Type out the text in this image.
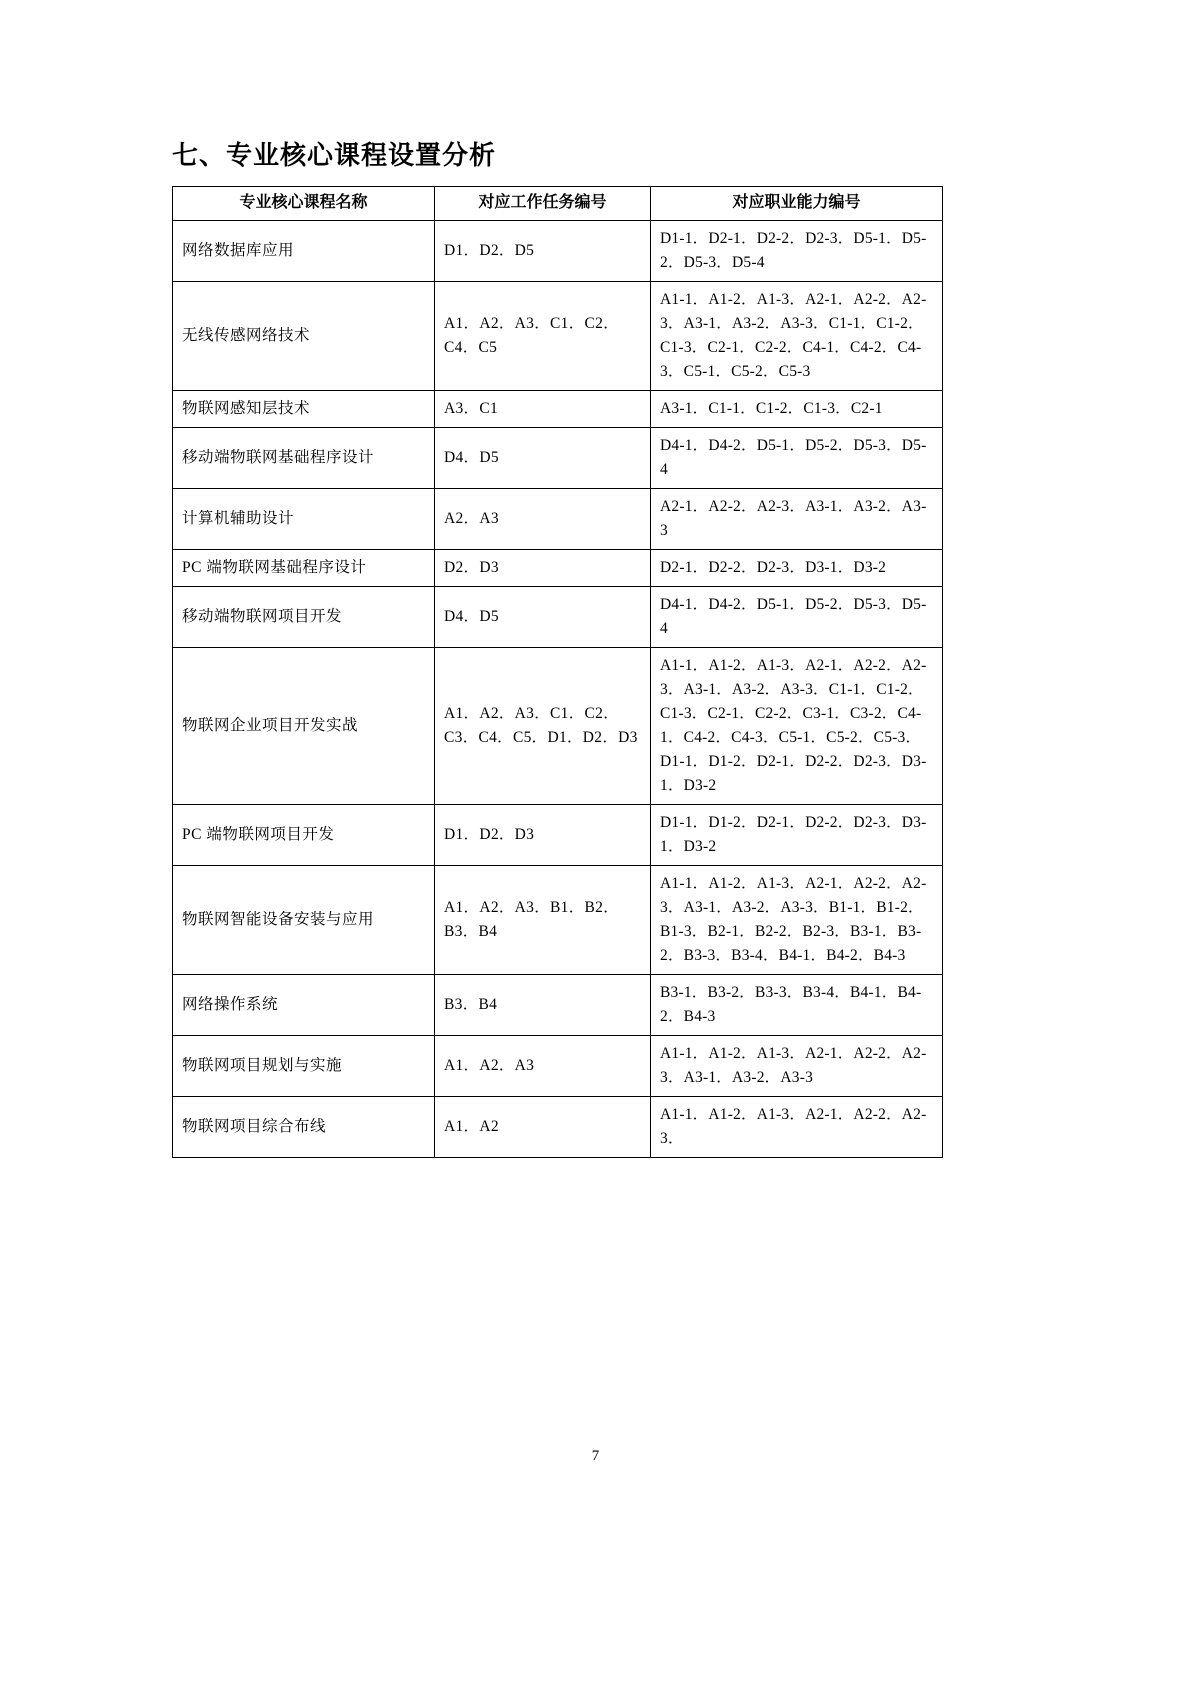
七、专业核心课程设置分析
专业核心课程名称	对应工作任务编号	对应职业能力编号
网络数据库应用	D1．D2．D5	D1-1．D2-1．D2-2．D2-3．D5-1．D5-2．D5-3．D5-4
无线传感网络技术	A1．A2．A3．C1．C2．C4．C5	A1-1．A1-2．A1-3．A2-1．A2-2．A2-3．A3-1．A3-2．A3-3．C1-1．C1-2．C1-3．C2-1．C2-2．C4-1．C4-2．C4-3．C5-1．C5-2．C5-3
物联网感知层技术	A3．C1	A3-1．C1-1．C1-2．C1-3．C2-1
移动端物联网基础程序设计	D4．D5	D4-1．D4-2．D5-1．D5-2．D5-3．D5-4
计算机辅助设计	A2．A3	A2-1．A2-2．A2-3．A3-1．A3-2．A3-3
PC 端物联网基础程序设计	D2．D3	D2-1．D2-2．D2-3．D3-1．D3-2
移动端物联网项目开发	D4．D5	D4-1．D4-2．D5-1．D5-2．D5-3．D5-4
物联网企业项目开发实战	A1．A2．A3．C1．C2．C3．C4．C5．D1．D2．D3	A1-1．A1-2．A1-3．A2-1．A2-2．A2-3．A3-1．A3-2．A3-3．C1-1．C1-2．C1-3．C2-1．C2-2．C3-1．C3-2．C4-1．C4-2．C4-3．C5-1．C5-2．C5-3．D1-1．D1-2．D2-1．D2-2．D2-3．D3-1．D3-2
PC 端物联网项目开发	D1．D2．D3	D1-1．D1-2．D2-1．D2-2．D2-3．D3-1．D3-2
物联网智能设备安装与应用	A1．A2．A3．B1．B2．B3．B4	A1-1．A1-2．A1-3．A2-1．A2-2．A2-3．A3-1．A3-2．A3-3．B1-1．B1-2．B1-3．B2-1．B2-2．B2-3．B3-1．B3-2．B3-3．B3-4．B4-1．B4-2．B4-3
网络操作系统	B3．B4	B3-1．B3-2．B3-3．B3-4．B4-1．B4-2．B4-3
物联网项目规划与实施	A1．A2．A3	A1-1．A1-2．A1-3．A2-1．A2-2．A2-3．A3-1．A3-2．A3-3
物联网项目综合布线	A1．A2	A1-1．A1-2．A1-3．A2-1．A2-2．A2-3．
7
